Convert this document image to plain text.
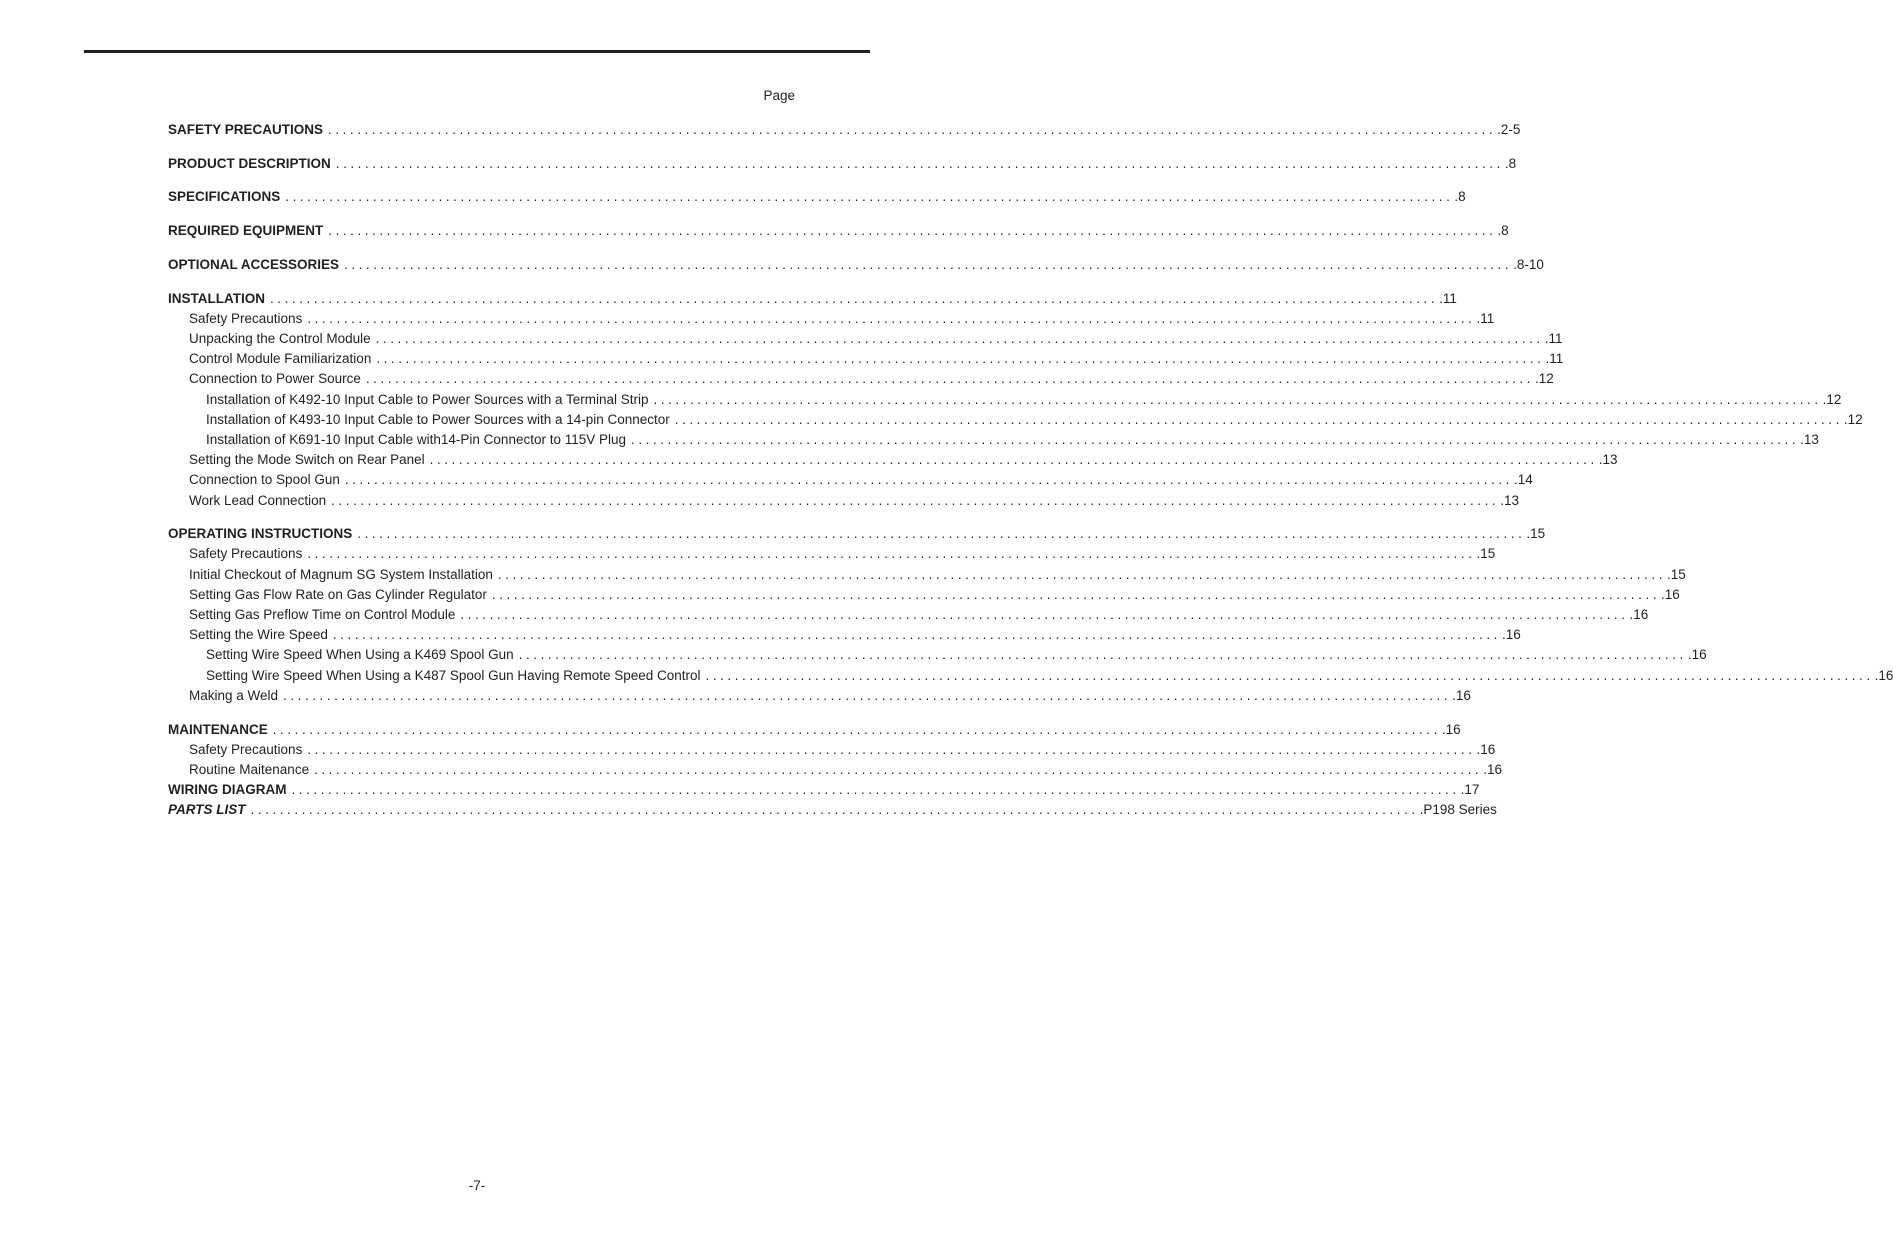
Page
SAFETY PRECAUTIONS ................................................................................................................................................................ .2-5
PRODUCT DESCRIPTION ................................................................................................................................................................ .8
SPECIFICATIONS ................................................................................................................................................................ .8
REQUIRED EQUIPMENT ................................................................................................................................................................ .8
OPTIONAL ACCESSORIES ................................................................................................................................................................ .8-10
INSTALLATION ................................................................................................................................................................ .11
Safety Precautions ................................................................................................................................................................ .11
Unpacking the Control Module ................................................................................................................................................................ .11
Control Module Familiarization ................................................................................................................................................................ .11
Connection to Power Source ................................................................................................................................................................ .12
Installation of K492-10 Input Cable to Power Sources with a Terminal Strip ................................................................................................................................................................ .12
Installation of K493-10 Input Cable to Power Sources with a 14-pin Connector ................................................................................................................................................................ .12
Installation of K691-10 Input Cable with14-Pin Connector to 115V Plug ................................................................................................................................................................ .13
Setting the Mode Switch on Rear Panel ................................................................................................................................................................ .13
Connection to Spool Gun ................................................................................................................................................................ .14
Work Lead Connection ................................................................................................................................................................ .13
OPERATING INSTRUCTIONS ................................................................................................................................................................ .15
Safety Precautions ................................................................................................................................................................ .15
Initial Checkout of Magnum SG System Installation ................................................................................................................................................................ .15
Setting Gas Flow Rate on Gas Cylinder Regulator ................................................................................................................................................................ .16
Setting Gas Preflow Time on Control Module ................................................................................................................................................................ .16
Setting the Wire Speed ................................................................................................................................................................ .16
Setting Wire Speed When Using a K469 Spool Gun ................................................................................................................................................................ .16
Setting Wire Speed When Using a K487 Spool Gun Having Remote Speed Control ................................................................................................................................................................ .16
Making a Weld ................................................................................................................................................................ .16
MAINTENANCE ................................................................................................................................................................ .16
Safety Precautions ................................................................................................................................................................ .16
Routine Maitenance ................................................................................................................................................................ .16
WIRING DIAGRAM ................................................................................................................................................................ .17
PARTS LIST ................................................................................................................................................................ .P198 Series
-7-
